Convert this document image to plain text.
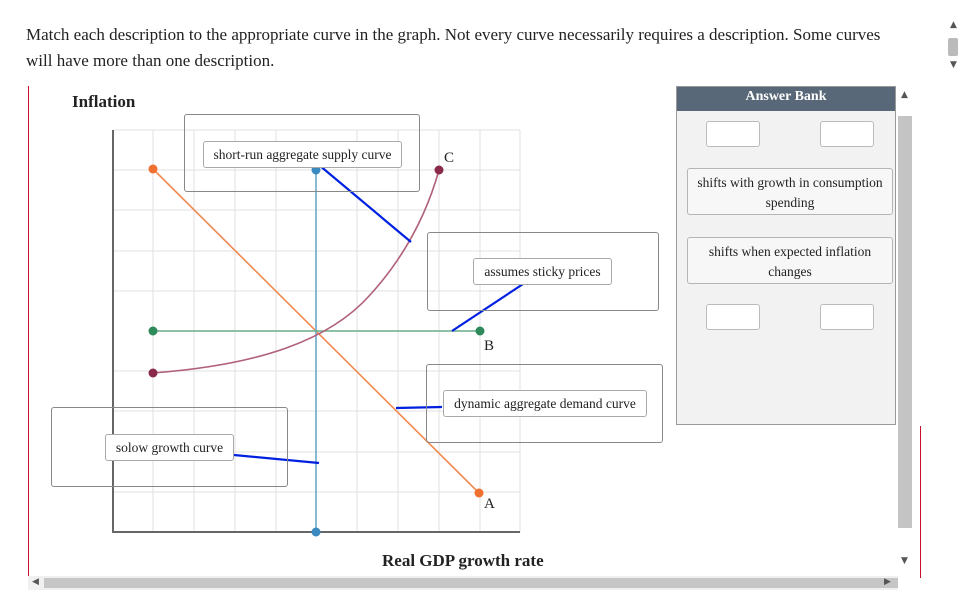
Match each description to the appropriate curve in the graph. Not every curve necessarily requires a description. Some curves will have more than one description.
Inflation
C
B
A
short-run aggregate supply curve
assumes sticky prices
dynamic aggregate demand curve
solow growth curve
Real GDP growth rate
Answer Bank
shifts with growth in consumption spending
shifts when expected inflation changes
▲
▼
◀	▶
▲
▼
